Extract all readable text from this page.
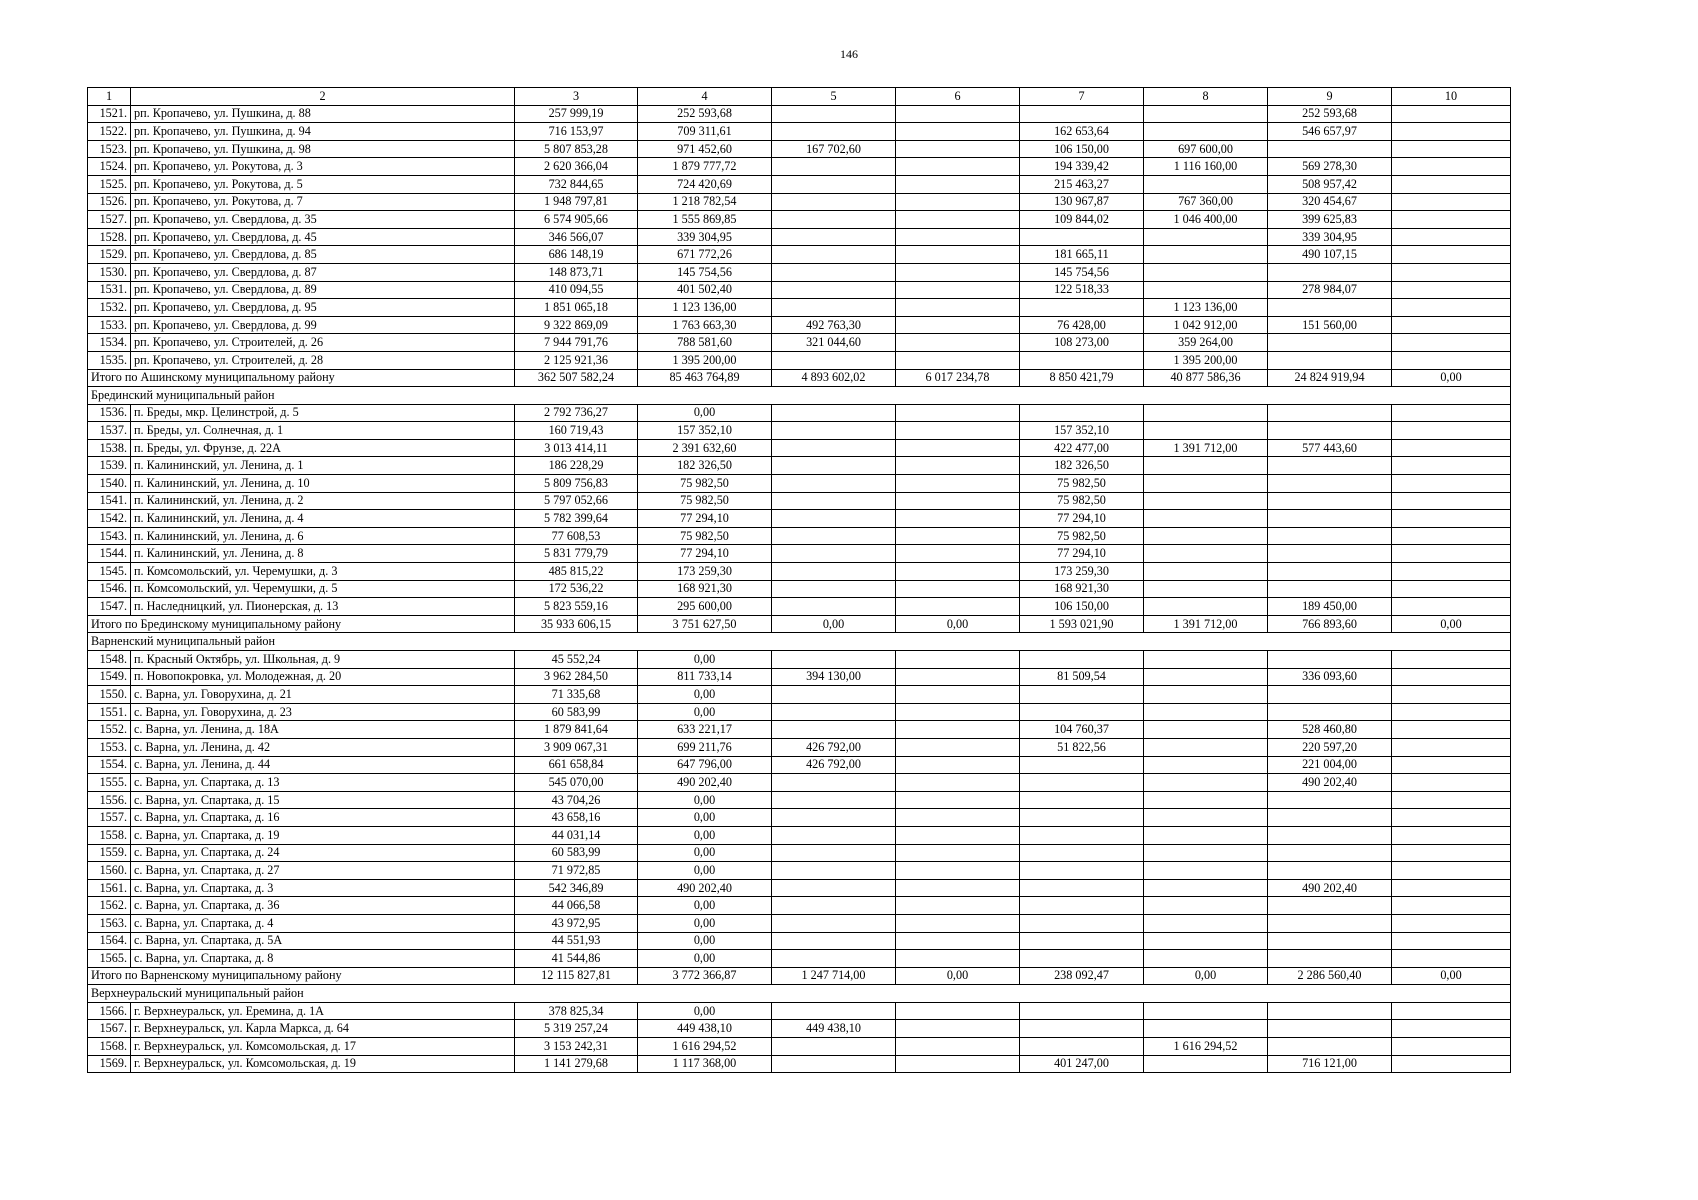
146
1	2	3	4	5	6	7	8	9	10
1521.	рп. Кропачево, ул. Пушкина, д. 88	257 999,19	252 593,68					252 593,68	
1522.	рп. Кропачево, ул. Пушкина, д. 94	716 153,97	709 311,61			162 653,64		546 657,97	
1523.	рп. Кропачево, ул. Пушкина, д. 98	5 807 853,28	971 452,60	167 702,60		106 150,00	697 600,00		
1524.	рп. Кропачево, ул. Рокутова, д. 3	2 620 366,04	1 879 777,72			194 339,42	1 116 160,00	569 278,30	
1525.	рп. Кропачево, ул. Рокутова, д. 5	732 844,65	724 420,69			215 463,27		508 957,42	
1526.	рп. Кропачево, ул. Рокутова, д. 7	1 948 797,81	1 218 782,54			130 967,87	767 360,00	320 454,67	
1527.	рп. Кропачево, ул. Свердлова, д. 35	6 574 905,66	1 555 869,85			109 844,02	1 046 400,00	399 625,83	
1528.	рп. Кропачево, ул. Свердлова, д. 45	346 566,07	339 304,95					339 304,95	
1529.	рп. Кропачево, ул. Свердлова, д. 85	686 148,19	671 772,26			181 665,11		490 107,15	
1530.	рп. Кропачево, ул. Свердлова, д. 87	148 873,71	145 754,56			145 754,56			
1531.	рп. Кропачево, ул. Свердлова, д. 89	410 094,55	401 502,40			122 518,33		278 984,07	
1532.	рп. Кропачево, ул. Свердлова, д. 95	1 851 065,18	1 123 136,00				1 123 136,00		
1533.	рп. Кропачево, ул. Свердлова, д. 99	9 322 869,09	1 763 663,30	492 763,30		76 428,00	1 042 912,00	151 560,00	
1534.	рп. Кропачево, ул. Строителей, д. 26	7 944 791,76	788 581,60	321 044,60		108 273,00	359 264,00		
1535.	рп. Кропачево, ул. Строителей, д. 28	2 125 921,36	1 395 200,00				1 395 200,00		
Итого по Ашинскому муниципальному району		362 507 582,24	85 463 764,89	4 893 602,02	6 017 234,78	8 850 421,79	40 877 586,36	24 824 919,94	0,00
Брединский муниципальный район									
1536.	п. Бреды, мкр. Целинстрой, д. 5	2 792 736,27	0,00						
1537.	п. Бреды, ул. Солнечная, д. 1	160 719,43	157 352,10			157 352,10			
1538.	п. Бреды, ул. Фрунзе, д. 22А	3 013 414,11	2 391 632,60			422 477,00	1 391 712,00	577 443,60	
1539.	п. Калининский, ул. Ленина, д. 1	186 228,29	182 326,50			182 326,50			
1540.	п. Калининский, ул. Ленина, д. 10	5 809 756,83	75 982,50			75 982,50			
1541.	п. Калининский, ул. Ленина, д. 2	5 797 052,66	75 982,50			75 982,50			
1542.	п. Калининский, ул. Ленина, д. 4	5 782 399,64	77 294,10			77 294,10			
1543.	п. Калининский, ул. Ленина, д. 6	77 608,53	75 982,50			75 982,50			
1544.	п. Калининский, ул. Ленина, д. 8	5 831 779,79	77 294,10			77 294,10			
1545.	п. Комсомольский, ул. Черемушки, д. 3	485 815,22	173 259,30			173 259,30			
1546.	п. Комсомольский, ул. Черемушки, д. 5	172 536,22	168 921,30			168 921,30			
1547.	п. Наследницкий, ул. Пионерская, д. 13	5 823 559,16	295 600,00			106 150,00		189 450,00	
Итого по Брединскому муниципальному району		35 933 606,15	3 751 627,50	0,00	0,00	1 593 021,90	1 391 712,00	766 893,60	0,00
Варненский муниципальный район									
1548.	п. Красный Октябрь, ул. Школьная, д. 9	45 552,24	0,00						
1549.	п. Новопокровка, ул. Молодежная, д. 20	3 962 284,50	811 733,14	394 130,00		81 509,54		336 093,60	
1550.	с. Варна, ул. Говорухина, д. 21	71 335,68	0,00						
1551.	с. Варна, ул. Говорухина, д. 23	60 583,99	0,00						
1552.	с. Варна, ул. Ленина, д. 18А	1 879 841,64	633 221,17			104 760,37		528 460,80	
1553.	с. Варна, ул. Ленина, д. 42	3 909 067,31	699 211,76	426 792,00		51 822,56		220 597,20	
1554.	с. Варна, ул. Ленина, д. 44	661 658,84	647 796,00	426 792,00				221 004,00	
1555.	с. Варна, ул. Спартака, д. 13	545 070,00	490 202,40					490 202,40	
1556.	с. Варна, ул. Спартака, д. 15	43 704,26	0,00						
1557.	с. Варна, ул. Спартака, д. 16	43 658,16	0,00						
1558.	с. Варна, ул. Спартака, д. 19	44 031,14	0,00						
1559.	с. Варна, ул. Спартака, д. 24	60 583,99	0,00						
1560.	с. Варна, ул. Спартака, д. 27	71 972,85	0,00						
1561.	с. Варна, ул. Спартака, д. 3	542 346,89	490 202,40					490 202,40	
1562.	с. Варна, ул. Спартака, д. 36	44 066,58	0,00						
1563.	с. Варна, ул. Спартака, д. 4	43 972,95	0,00						
1564.	с. Варна, ул. Спартака, д. 5А	44 551,93	0,00						
1565.	с. Варна, ул. Спартака, д. 8	41 544,86	0,00						
Итого по Варненскому муниципальному району		12 115 827,81	3 772 366,87	1 247 714,00	0,00	238 092,47	0,00	2 286 560,40	0,00
Верхнеуральский муниципальный район									
1566.	г. Верхнеуральск, ул. Еремина, д. 1А	378 825,34	0,00						
1567.	г. Верхнеуральск, ул. Карла Маркса, д. 64	5 319 257,24	449 438,10	449 438,10					
1568.	г. Верхнеуральск, ул. Комсомольская, д. 17	3 153 242,31	1 616 294,52				1 616 294,52		
1569.	г. Верхнеуральск, ул. Комсомольская, д. 19	1 141 279,68	1 117 368,00			401 247,00		716 121,00	
